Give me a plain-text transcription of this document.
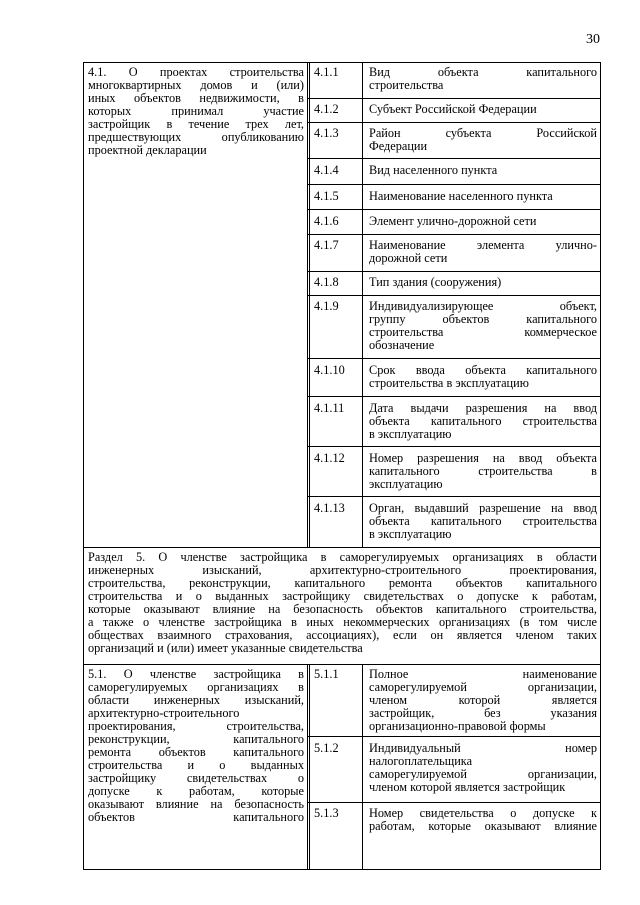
30
4.1. О проектах строительства
многоквартирных домов и (или)
иных объектов недвижимости, в
которых принимал участие
застройщик в течение трех лет,
предшествующих опубликованию
проектной декларации
4.1.1
4.1.2
4.1.3
4.1.4
4.1.5
4.1.6
4.1.7
4.1.8
4.1.9
4.1.10
4.1.11
4.1.12
4.1.13
Вид объекта капитального
строительства
Субъект Российской Федерации
Район субъекта Российской
Федерации
Вид населенного пункта
Наименование населенного пункта
Элемент улично-дорожной сети
Наименование элемента улично-
дорожной сети
Тип здания (сооружения)
Индивидуализирующее объект,
группу объектов капитального
строительства коммерческое
обозначение
Срок ввода объекта капитального
строительства в эксплуатацию
Дата выдачи разрешения на ввод
объекта капитального строительства
в эксплуатацию
Номер разрешения на ввод объекта
капитального строительства в
эксплуатацию
Орган, выдавший разрешение на ввод
объекта капитального строительства
в эксплуатацию
Раздел 5. О членстве застройщика в саморегулируемых организациях в области
инженерных изысканий, архитектурно-строительного проектирования,
строительства, реконструкции, капитального ремонта объектов капитального
строительства и о выданных застройщику свидетельствах о допуске к работам,
которые оказывают влияние на безопасность объектов капитального строительства,
а также о членстве застройщика в иных некоммерческих организациях (в том числе
обществах взаимного страхования, ассоциациях), если он является членом таких
организаций и (или) имеет указанные свидетельства
5.1. О членстве застройщика в
саморегулируемых организациях в
области инженерных изысканий,
архитектурно-строительного
проектирования, строительства,
реконструкции, капитального
ремонта объектов капитального
строительства и о выданных
застройщику свидетельствах о
допуске к работам, которые
оказывают влияние на безопасность
объектов капитального
5.1.1
5.1.2
5.1.3
Полное наименование
саморегулируемой организации,
членом которой является
застройщик, без указания
организационно-правовой формы
Индивидуальный номер
налогоплательщика
саморегулируемой организации,
членом которой является застройщик
Номер свидетельства о допуске к
работам, которые оказывают влияние
